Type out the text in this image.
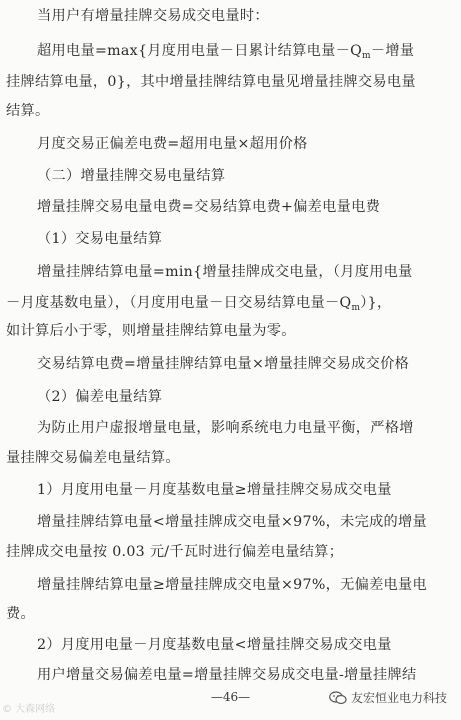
当用户有增量挂牌交易成交电量时：
超用电量=max{月度用电量－日累计结算电量$-Q_m-$增量
挂牌结算电量，0}，其中增量挂牌结算电量见增量挂牌交易电量
结算。
月度交易正偏差电费=超用电量×超用价格
（二）增量挂牌交易电量结算
增量挂牌交易电量电费=交易结算电费+偏差电量电费
（1）交易电量结算
增量挂牌结算电量=min{增量挂牌成交电量，（月度用电量
－月度基数电量），（月度用电量－日交易结算电量$-Q_m$）}，
如计算后小于零，则增量挂牌结算电量为零。
交易结算电费=增量挂牌结算电量×增量挂牌交易成交价格
（2）偏差电量结算
为防止用户虚报增量电量，影响系统电力电量平衡，严格增
量挂牌交易偏差电量结算。
1）月度用电量－月度基数电量≥增量挂牌交易成交电量
增量挂牌结算电量<增量挂牌成交电量×97%，未完成的增量
挂牌成交电量按 0.03 元/千瓦时进行偏差电量结算；
增量挂牌结算电量≥增量挂牌成交电量×97%，无偏差电量电
费。
2）月度用电量－月度基数电量<增量挂牌交易成交电量
用户增量交易偏差电量=增量挂牌交易成交电量-增量挂牌结
—46—
© 大森网络
友宏恒业电力科技
